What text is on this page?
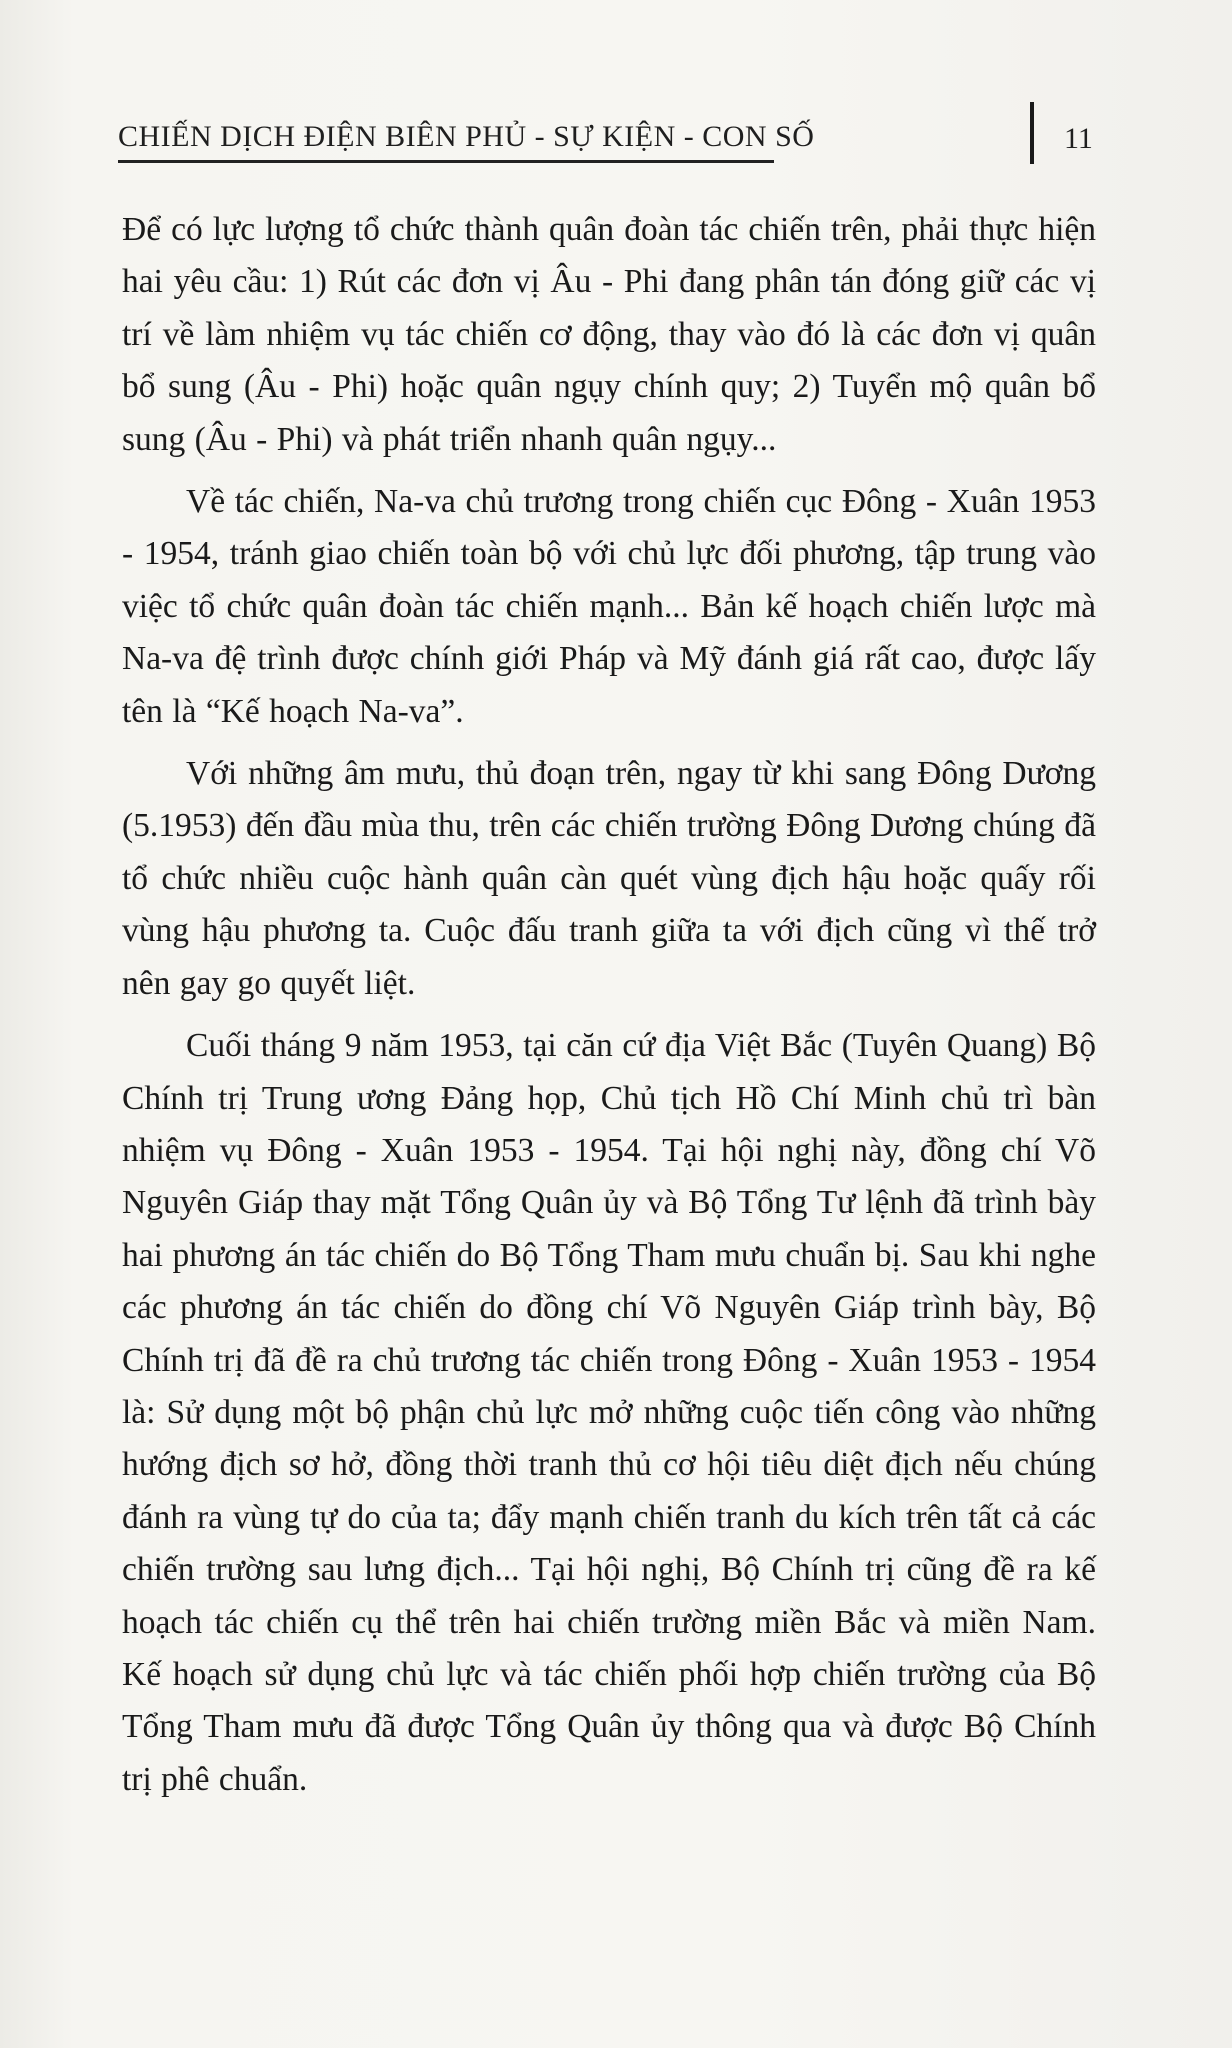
CHIẾN DỊCH ĐIỆN BIÊN PHỦ - SỰ KIỆN - CON SỐ	11

Để có lực lượng tổ chức thành quân đoàn tác chiến trên, phải thực hiện hai yêu cầu: 1) Rút các đơn vị Âu - Phi đang phân tán đóng giữ các vị trí về làm nhiệm vụ tác chiến cơ động, thay vào đó là các đơn vị quân bổ sung (Âu - Phi) hoặc quân ngụy chính quy; 2) Tuyển mộ quân bổ sung (Âu - Phi) và phát triển nhanh quân ngụy...

Về tác chiến, Na-va chủ trương trong chiến cục Đông - Xuân 1953 - 1954, tránh giao chiến toàn bộ với chủ lực đối phương, tập trung vào việc tổ chức quân đoàn tác chiến mạnh... Bản kế hoạch chiến lược mà Na-va đệ trình được chính giới Pháp và Mỹ đánh giá rất cao, được lấy tên là “Kế hoạch Na-va”.

Với những âm mưu, thủ đoạn trên, ngay từ khi sang Đông Dương (5.1953) đến đầu mùa thu, trên các chiến trường Đông Dương chúng đã tổ chức nhiều cuộc hành quân càn quét vùng địch hậu hoặc quấy rối vùng hậu phương ta. Cuộc đấu tranh giữa ta với địch cũng vì thế trở nên gay go quyết liệt.

Cuối tháng 9 năm 1953, tại căn cứ địa Việt Bắc (Tuyên Quang) Bộ Chính trị Trung ương Đảng họp, Chủ tịch Hồ Chí Minh chủ trì bàn nhiệm vụ Đông - Xuân 1953 - 1954. Tại hội nghị này, đồng chí Võ Nguyên Giáp thay mặt Tổng Quân ủy và Bộ Tổng Tư lệnh đã trình bày hai phương án tác chiến do Bộ Tổng Tham mưu chuẩn bị. Sau khi nghe các phương án tác chiến do đồng chí Võ Nguyên Giáp trình bày, Bộ Chính trị đã đề ra chủ trương tác chiến trong Đông - Xuân 1953 - 1954 là: Sử dụng một bộ phận chủ lực mở những cuộc tiến công vào những hướng địch sơ hở, đồng thời tranh thủ cơ hội tiêu diệt địch nếu chúng đánh ra vùng tự do của ta; đẩy mạnh chiến tranh du kích trên tất cả các chiến trường sau lưng địch... Tại hội nghị, Bộ Chính trị cũng đề ra kế hoạch tác chiến cụ thể trên hai chiến trường miền Bắc và miền Nam. Kế hoạch sử dụng chủ lực và tác chiến phối hợp chiến trường của Bộ Tổng Tham mưu đã được Tổng Quân ủy thông qua và được Bộ Chính trị phê chuẩn.
